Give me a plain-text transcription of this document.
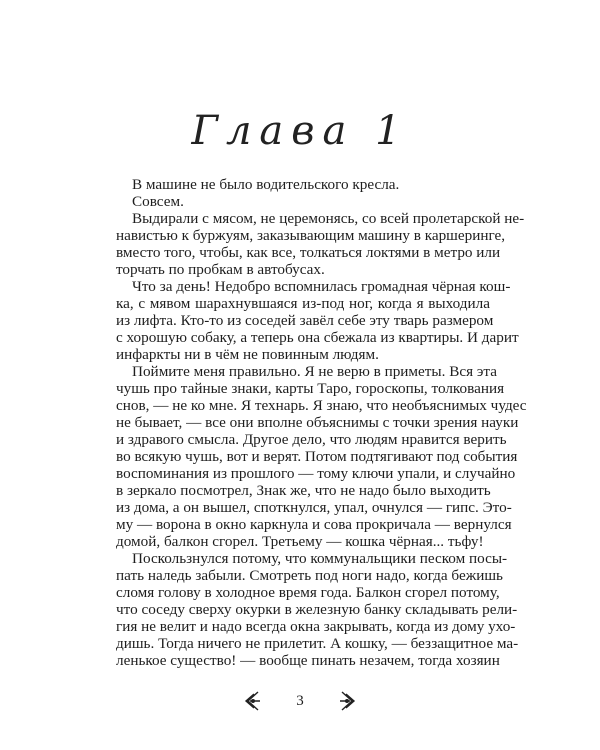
Глава 1
В машине не было водительского кресла.
Совсем.
Выдирали с мясом, не церемонясь, со всей пролетарской не-
навистью к буржуям, заказывающим машину в каршеринге,
вместо того, чтобы, как все, толкаться локтями в метро или
торчать по пробкам в автобусах.
Что за день! Недобро вспомнилась громадная чёрная кош-
ка, с мявом шарахнувшаяся из-под ног, когда я выходила
из лифта. Кто-то из соседей завёл себе эту тварь размером
с хорошую собаку, а теперь она сбежала из квартиры. И дарит
инфаркты ни в чём не повинным людям.
Поймите меня правильно. Я не верю в приметы. Вся эта
чушь про тайные знаки, карты Таро, гороскопы, толкования
снов, — не ко мне. Я технарь. Я знаю, что необъяснимых чудес
не бывает, — все они вполне объяснимы с точки зрения науки
и здравого смысла. Другое дело, что людям нравится верить
во всякую чушь, вот и верят. Потом подтягивают под события
воспоминания из прошлого — тому ключи упали, и случайно
в зеркало посмотрел, Знак же, что не надо было выходить
из дома, а он вышел, споткнулся, упал, очнулся — гипс. Это-
му — ворона в окно каркнула и сова прокричала — вернулся
домой, балкон сгорел. Третьему — кошка чёрная... тьфу!
Поскользнулся потому, что коммунальщики песком посы-
пать наледь забыли. Смотреть под ноги надо, когда бежишь
сломя голову в холодное время года. Балкон сгорел потому,
что соседу сверху окурки в железную банку складывать рели-
гия не велит и надо всегда окна закрывать, когда из дому ухо-
дишь. Тогда ничего не прилетит. А кошку, — беззащитное ма-
ленькое существо! — вообще пинать незачем, тогда хозяин
3
